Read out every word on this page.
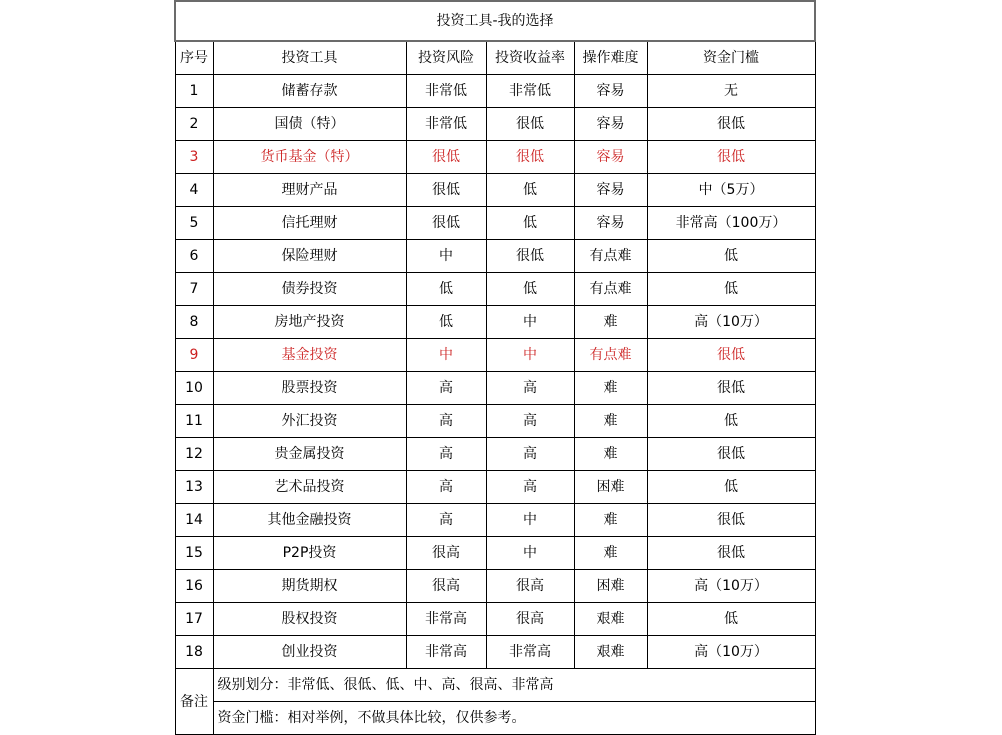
投资工具-我的选择					
序号	投资工具	投资风险	投资收益率	操作难度	资金门槛
1	储蓄存款	非常低	非常低	容易	无
2	国债（特）	非常低	很低	容易	很低
3	货币基金（特）	很低	很低	容易	很低
4	理财产品	很低	低	容易	中（5万）
5	信托理财	很低	低	容易	非常高（100万）
6	保险理财	中	很低	有点难	低
7	债券投资	低	低	有点难	低
8	房地产投资	低	中	难	高（10万）
9	基金投资	中	中	有点难	很低
10	股票投资	高	高	难	很低
11	外汇投资	高	高	难	低
12	贵金属投资	高	高	难	很低
13	艺术品投资	高	高	困难	低
14	其他金融投资	高	中	难	很低
15	P2P投资	很高	中	难	很低
16	期货期权	很高	很高	困难	高（10万）
17	股权投资	非常高	很高	艰难	低
18	创业投资	非常高	非常高	艰难	高（10万）
备注	级别划分：非常低、很低、低、中、高、很高、非常高				
	资金门槛：相对举例，不做具体比较，仅供参考。				
